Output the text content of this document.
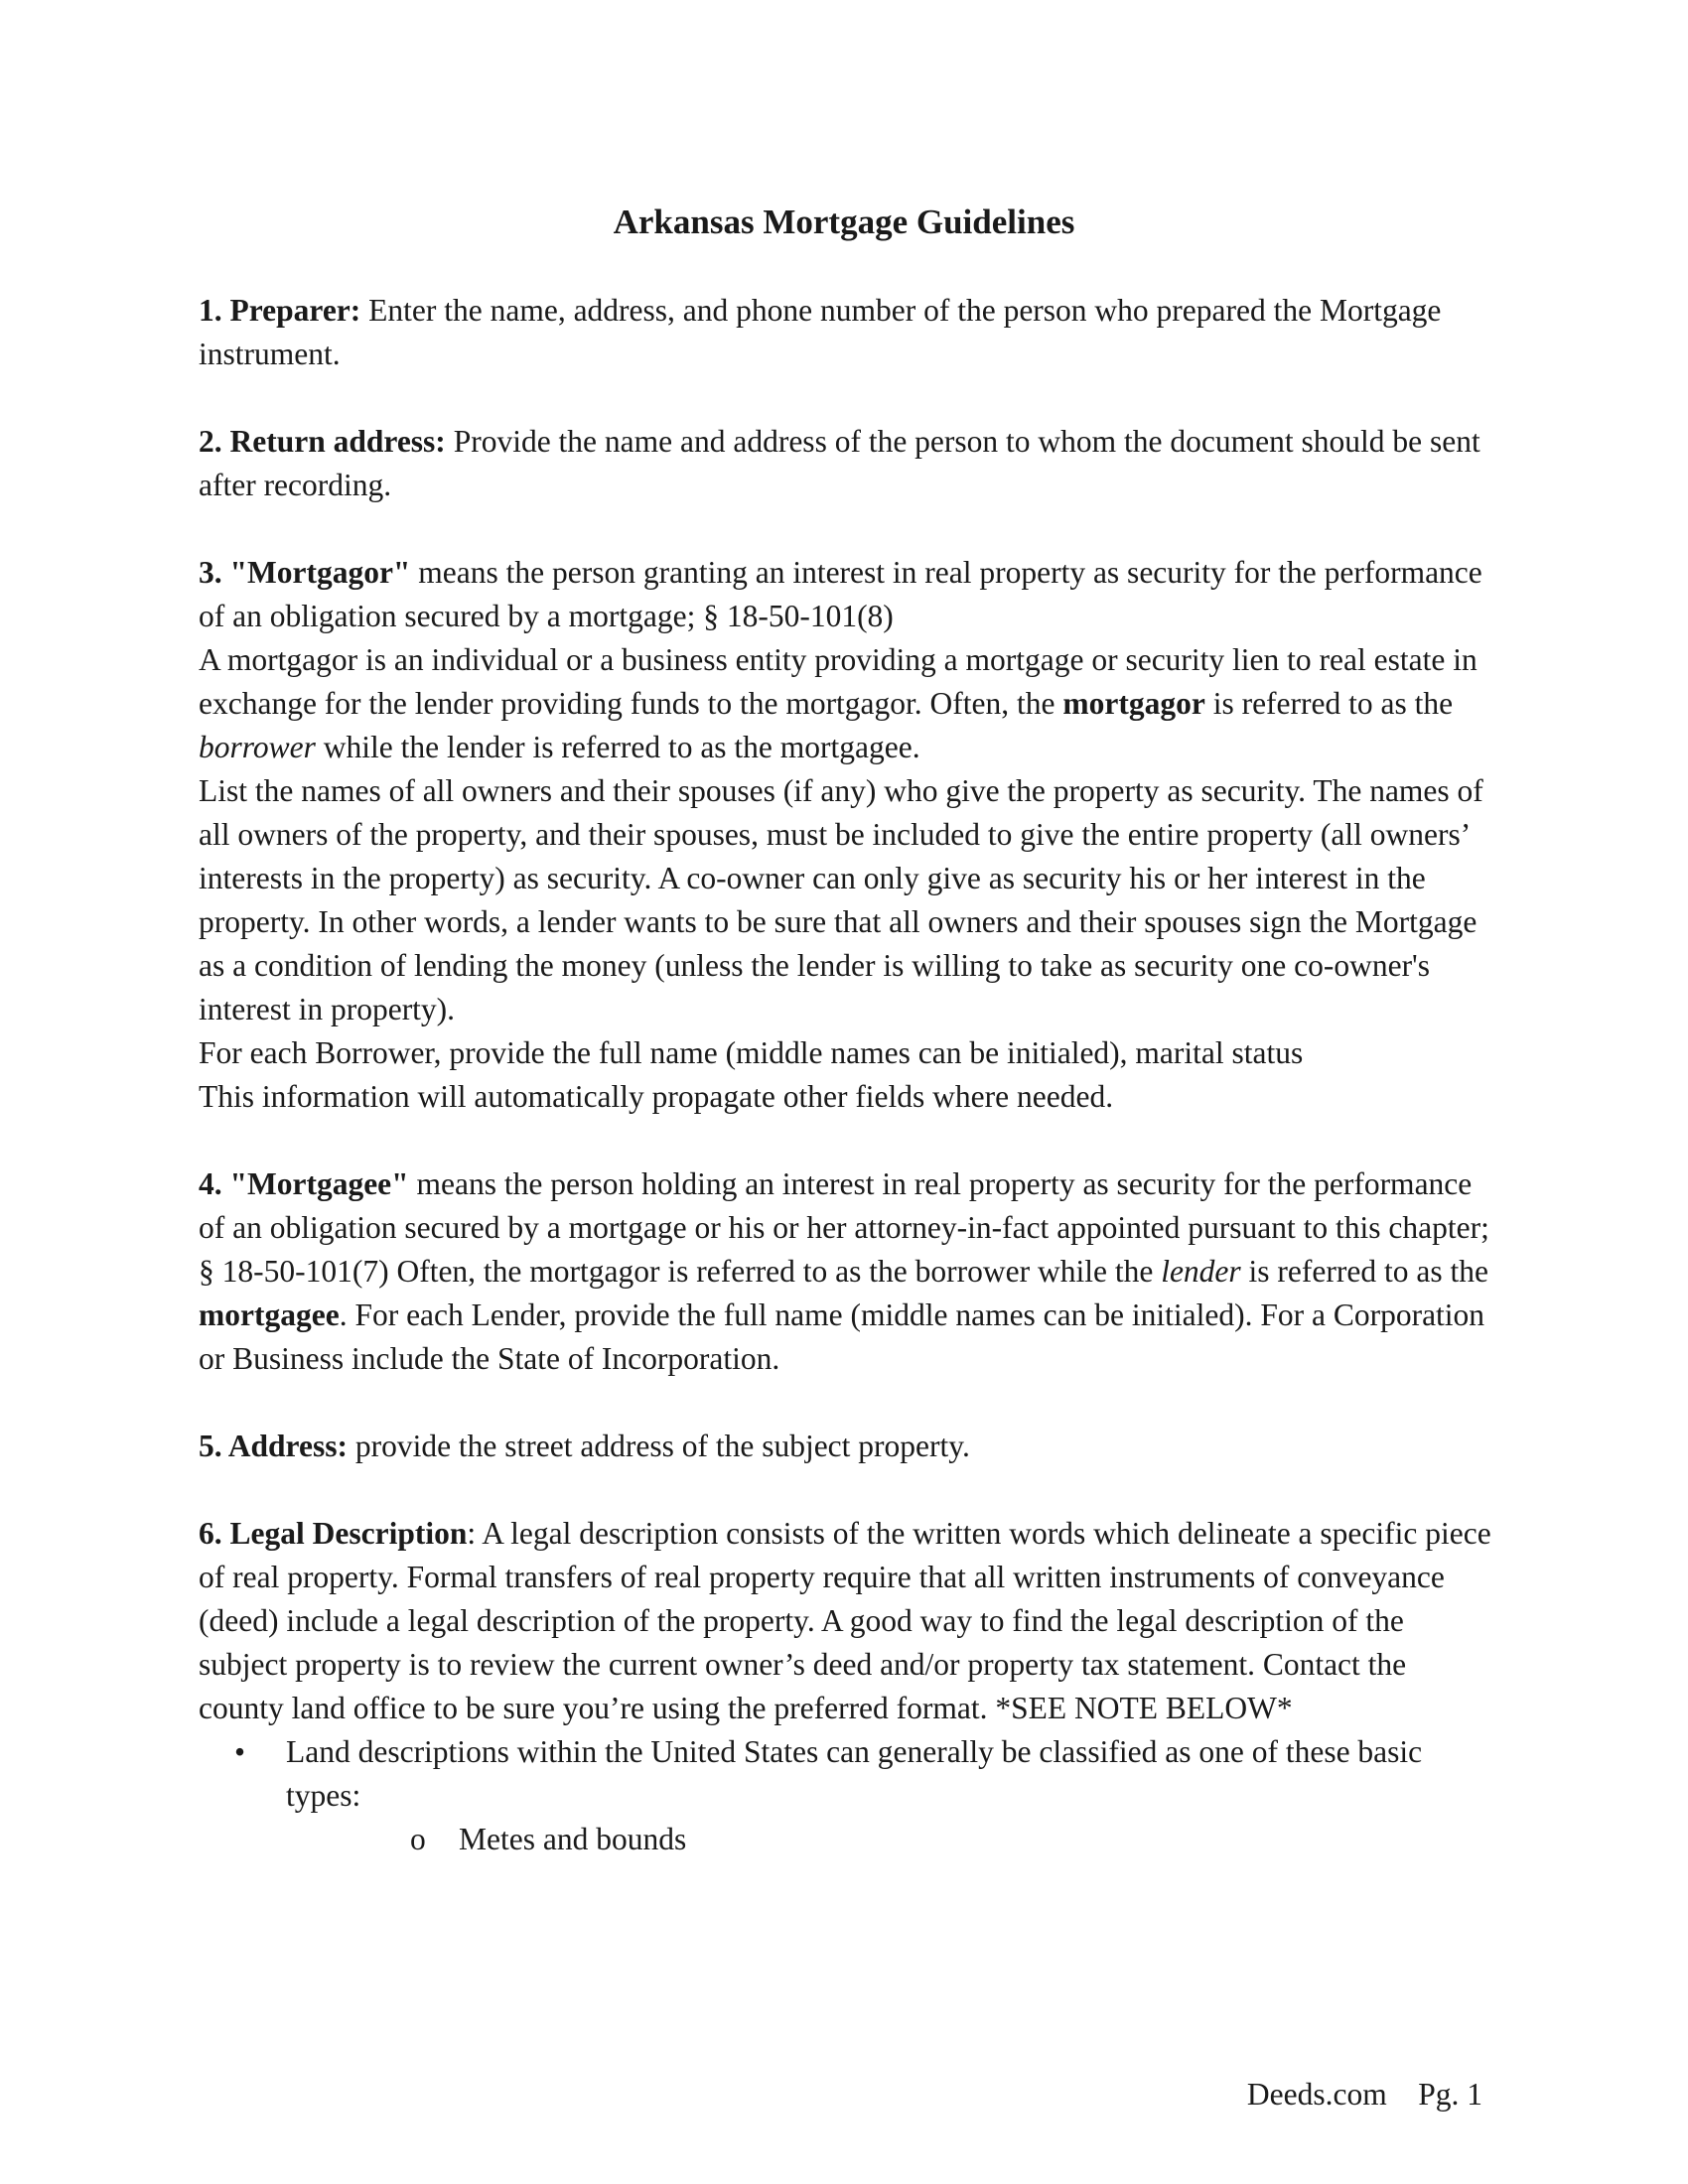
Arkansas Mortgage Guidelines

1. Preparer: Enter the name, address, and phone number of the person who prepared the Mortgage instrument.

2. Return address: Provide the name and address of the person to whom the document should be sent after recording.

3. "Mortgagor" means the person granting an interest in real property as security for the performance of an obligation secured by a mortgage; § 18-50-101(8)

A mortgagor is an individual or a business entity providing a mortgage or security lien to real estate in exchange for the lender providing funds to the mortgagor. Often, the mortgagor is referred to as the borrower while the lender is referred to as the mortgagee.

List the names of all owners and their spouses (if any) who give the property as security. The names of all owners of the property, and their spouses, must be included to give the entire property (all owners’ interests in the property) as security. A co-owner can only give as security his or her interest in the property. In other words, a lender wants to be sure that all owners and their spouses sign the Mortgage as a condition of lending the money (unless the lender is willing to take as security one co-owner's interest in property).

For each Borrower, provide the full name (middle names can be initialed), marital status

This information will automatically propagate other fields where needed.

4. "Mortgagee" means the person holding an interest in real property as security for the performance of an obligation secured by a mortgage or his or her attorney-in-fact appointed pursuant to this chapter; § 18-50-101(7) Often, the mortgagor is referred to as the borrower while the lender is referred to as the mortgagee. For each Lender, provide the full name (middle names can be initialed). For a Corporation or Business include the State of Incorporation.

5. Address: provide the street address of the subject property.

6. Legal Description: A legal description consists of the written words which delineate a specific piece of real property. Formal transfers of real property require that all written instruments of conveyance (deed) include a legal description of the property. A good way to find the legal description of the subject property is to review the current owner’s deed and/or property tax statement. Contact the county land office to be sure you’re using the preferred format. *SEE NOTE BELOW*

• Land descriptions within the United States can generally be classified as one of these basic types:
o Metes and bounds
Deeds.com Pg. 1
